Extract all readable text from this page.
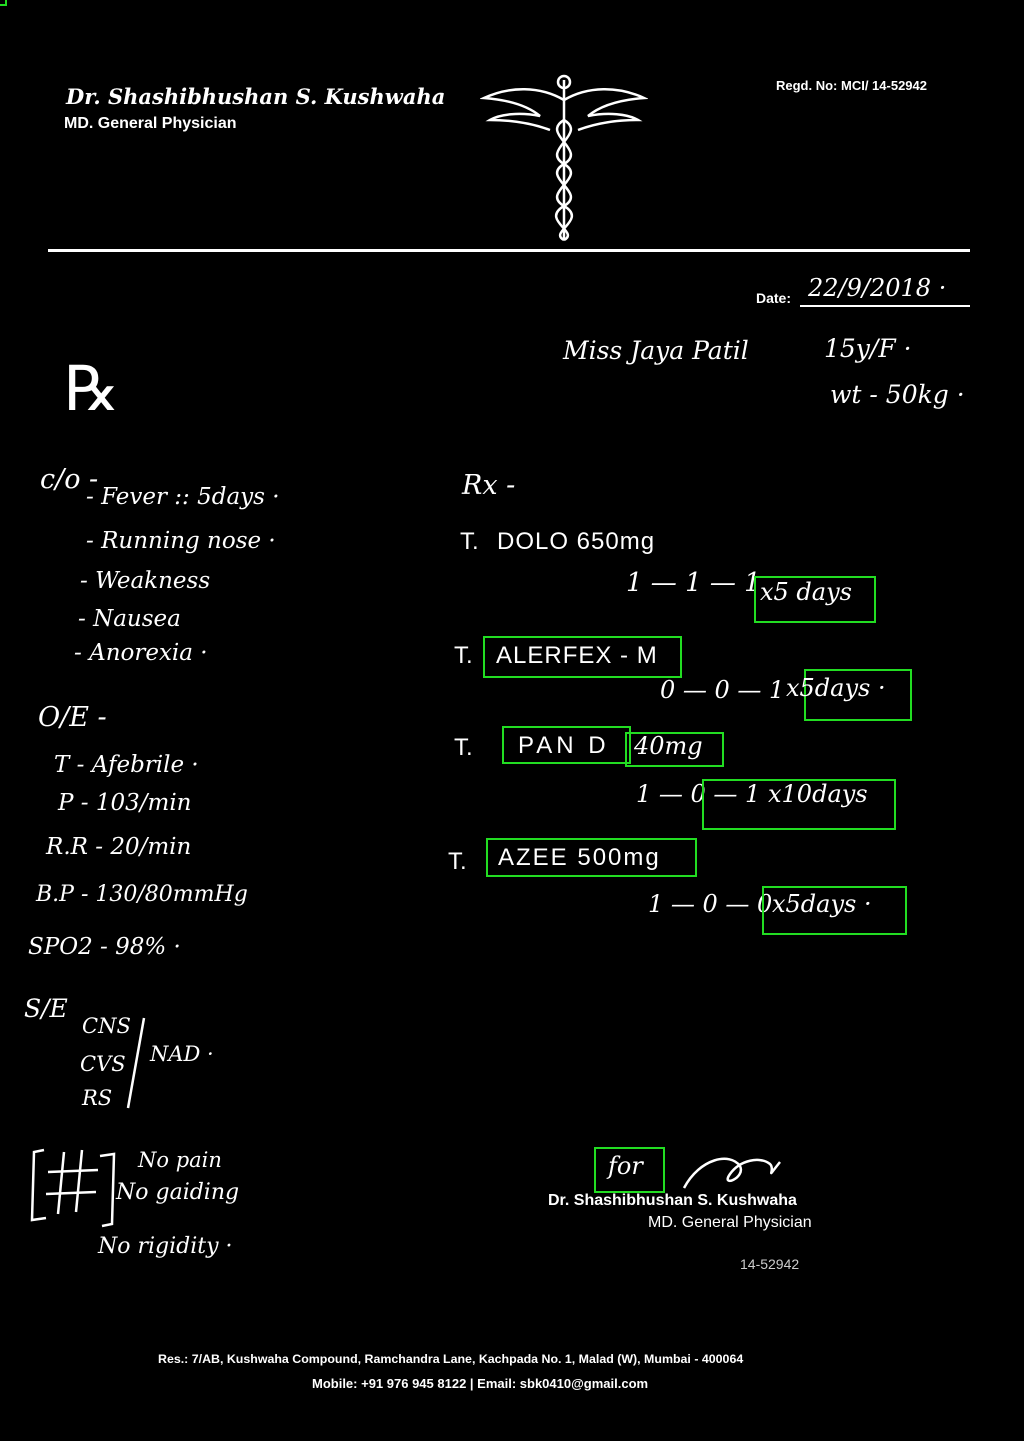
Dr. Shashibhushan S. Kushwaha
MD. General Physician
Regd. No: MCI/ 14-52942
Date: 22/9/2018 ·
Miss Jaya Patil	15y/F ·
wt - 50kg ·
℞
c/o -
- Fever :: 5days ·
- Running nose ·
- Weakness
- Nausea
- Anorexia ·
O/E -
T - Afebrile ·
P - 103/min
R.R - 20/min
B.P - 130/80mmHg
SPO2 - 98% ·
S/E
CNS
CVS
RS
NAD ·
No pain
No gaiding
No rigidity ·
Rx -
T. DOLO 650mg
1 — 1 — 1 x5 days
T. ALERFEX - M
0 — 0 — 1 x5days ·
T. PAN D 40mg
1 — 0 — 1 x10days
T. AZEE 500mg
1 — 0 — 0 x5days ·
for
Dr. Shashibhushan S. Kushwaha
MD. General Physician
14-52942
Res.: 7/AB, Kushwaha Compound, Ramchandra Lane, Kachpada No. 1, Malad (W), Mumbai - 400064
Mobile: +91 976 945 8122 | Email: sbk0410@gmail.com
